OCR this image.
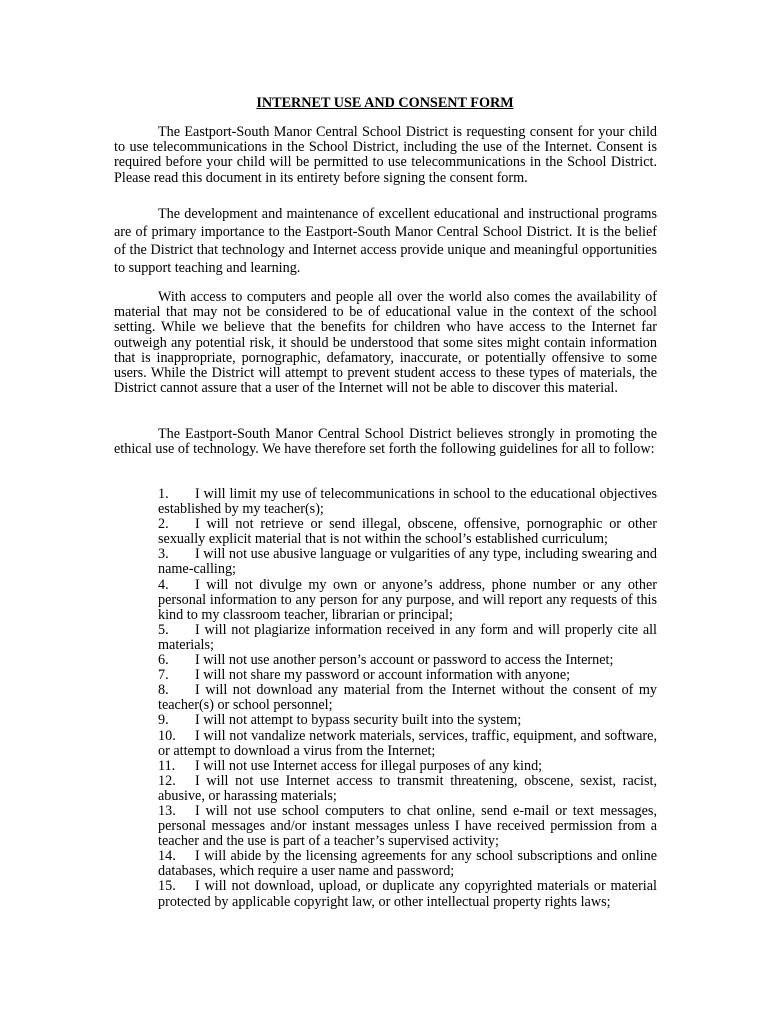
INTERNET USE AND CONSENT FORM

The Eastport-South Manor Central School District is requesting consent for your child to use telecommunications in the School District, including the use of the Internet. Consent is required before your child will be permitted to use telecommunications in the School District. Please read this document in its entirety before signing the consent form.

The development and maintenance of excellent educational and instructional programs are of primary importance to the Eastport-South Manor Central School District. It is the belief of the District that technology and Internet access provide unique and meaningful opportunities to support teaching and learning.

With access to computers and people all over the world also comes the availability of material that may not be considered to be of educational value in the context of the school setting. While we believe that the benefits for children who have access to the Internet far outweigh any potential risk, it should be understood that some sites might contain information that is inappropriate, pornographic, defamatory, inaccurate, or potentially offensive to some users. While the District will attempt to prevent student access to these types of materials, the District cannot assure that a user of the Internet will not be able to discover this material.

The Eastport-South Manor Central School District believes strongly in promoting the ethical use of technology. We have therefore set forth the following guidelines for all to follow:

1. I will limit my use of telecommunications in school to the educational objectives established by my teacher(s);

2. I will not retrieve or send illegal, obscene, offensive, pornographic or other sexually explicit material that is not within the school’s established curriculum;

3. I will not use abusive language or vulgarities of any type, including swearing and name-calling;

4. I will not divulge my own or anyone’s address, phone number or any other personal information to any person for any purpose, and will report any requests of this kind to my classroom teacher, librarian or principal;

5. I will not plagiarize information received in any form and will properly cite all materials;

6. I will not use another person’s account or password to access the Internet;

7. I will not share my password or account information with anyone;

8. I will not download any material from the Internet without the consent of my teacher(s) or school personnel;

9. I will not attempt to bypass security built into the system;

10. I will not vandalize network materials, services, traffic, equipment, and software, or attempt to download a virus from the Internet;

11. I will not use Internet access for illegal purposes of any kind;

12. I will not use Internet access to transmit threatening, obscene, sexist, racist, abusive, or harassing materials;

13. I will not use school computers to chat online, send e-mail or text messages, personal messages and/or instant messages unless I have received permission from a teacher and the use is part of a teacher’s supervised activity;

14. I will abide by the licensing agreements for any school subscriptions and online databases, which require a user name and password;

15. I will not download, upload, or duplicate any copyrighted materials or material protected by applicable copyright law, or other intellectual property rights laws;
